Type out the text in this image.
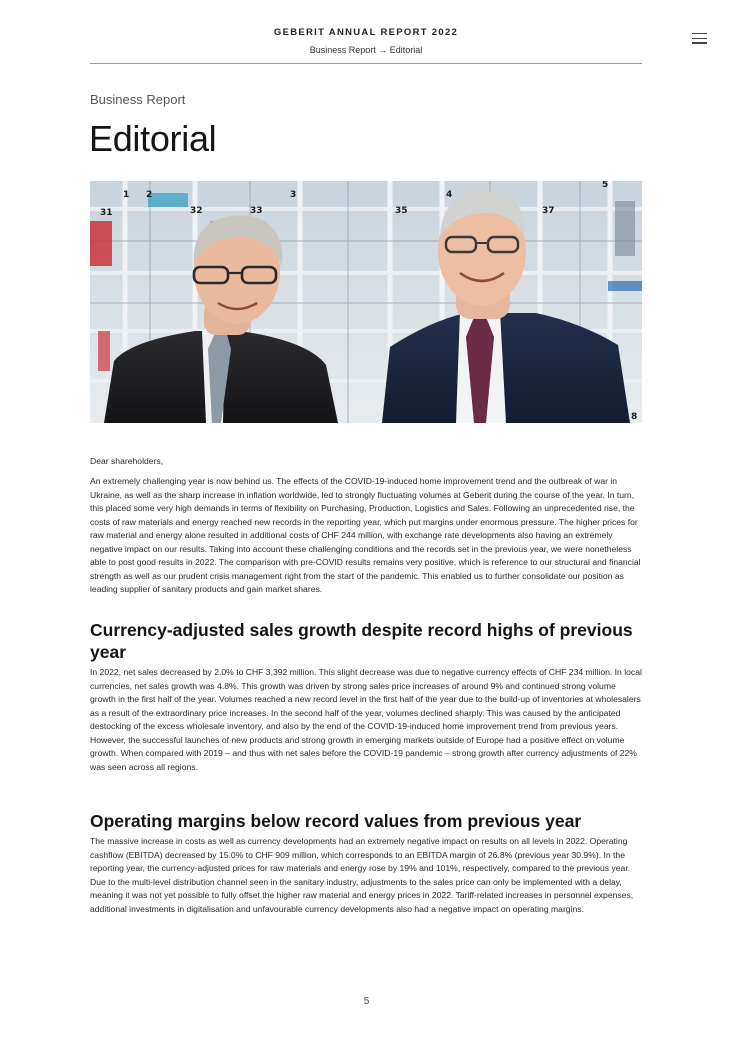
GEBERIT ANNUAL REPORT 2022
Business Report → Editorial
Business Report
Editorial
1 2	3	4
5
31	32	33	35	37
8

Dear shareholders,

An extremely challenging year is now behind us. The effects of the COVID-19-induced home improvement trend and the outbreak of war in Ukraine, as well as the sharp increase in inflation worldwide, led to strongly fluctuating volumes at Geberit during the course of the year. In turn, this placed some very high demands in terms of flexibility on Purchasing, Production, Logistics and Sales. Following an unprecedented rise, the costs of raw materials and energy reached new records in the reporting year, which put margins under enormous pressure. The higher prices for raw material and energy alone resulted in additional costs of CHF 244 million, with exchange rate developments also having an extremely negative impact on our results. Taking into account these challenging conditions and the records set in the previous year, we were nonetheless able to post good results in 2022. The comparison with pre-COVID results remains very positive, which is reference to our structural and financial strength as well as our prudent crisis management right from the start of the pandemic. This enabled us to further consolidate our position as leading supplier of sanitary products and gain market shares.

Currency-adjusted sales growth despite record highs of previous year

In 2022, net sales decreased by 2.0% to CHF 3,392 million. This slight decrease was due to negative currency effects of CHF 234 million. In local currencies, net sales growth was 4.8%. This growth was driven by strong sales price increases of around 9% and continued strong volume growth in the first half of the year. Volumes reached a new record level in the first half of the year due to the build-up of inventories at wholesalers as a result of the extraordinary price increases. In the second half of the year, volumes declined sharply. This was caused by the anticipated destocking of the excess wholesale inventory, and also by the end of the COVID-19-induced home improvement trend from previous years. However, the successful launches of new products and strong growth in emerging markets outside of Europe had a positive effect on volume growth. When compared with 2019 – and thus with net sales before the COVID-19 pandemic – strong growth after currency adjustments of 22% was seen across all regions.

Operating margins below record values from previous year

The massive increase in costs as well as currency developments had an extremely negative impact on results on all levels in 2022. Operating cashflow (EBITDA) decreased by 15.0% to CHF 909 million, which corresponds to an EBITDA margin of 26.8% (previous year 30.9%). In the reporting year, the currency-adjusted prices for raw materials and energy rose by 19% and 101%, respectively, compared to the previous year. Due to the multi-level distribution channel seen in the sanitary industry, adjustments to the sales price can only be implemented with a delay, meaning it was not yet possible to fully offset the higher raw material and energy prices in 2022. Tariff-related increases in personnel expenses, additional investments in digitalisation and unfavourable currency developments also had a negative impact on operating margins.

5
